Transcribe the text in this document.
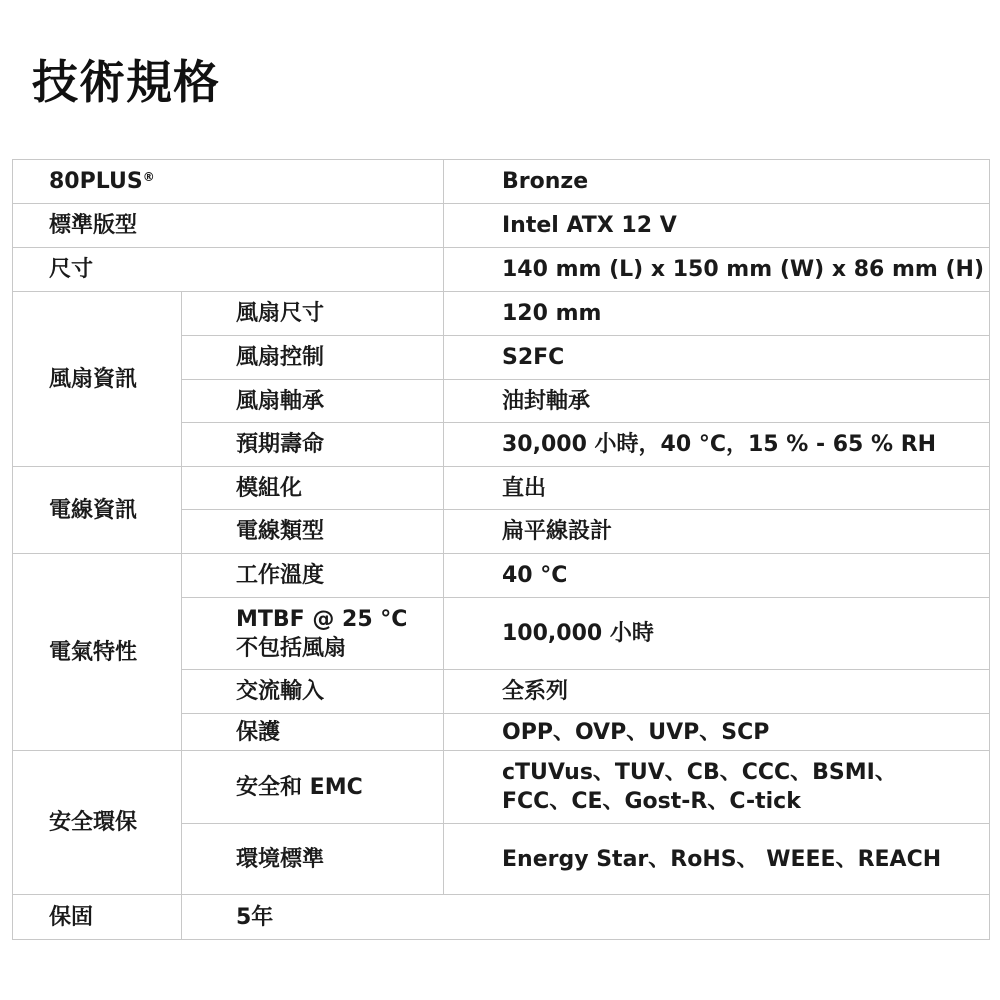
技術規格
80PLUS®		Bronze
標準版型		Intel ATX 12 V
尺寸		140 mm (L) x 150 mm (W) x 86 mm (H)
風扇資訊	風扇尺寸	120 mm
	風扇控制	S2FC
	風扇軸承	油封軸承
	預期壽命	30,000 小時，40 °C，15 % - 65 % RH
電線資訊	模組化	直出
	電線類型	扁平線設計
電氣特性	工作溫度	40 °C

	MTBF @ 25 °C
不包括風扇	100,000 小時
	交流輸入	全系列
	保護	OPP、OVP、UVP、SCP
安全環保	安全和 EMC	cTUVus、TUV、CB、CCC、BSMI、
FCC、CE、Gost-R、C-tick

	環境標準	Energy Star、RoHS、 WEEE、REACH
保固	5年	
